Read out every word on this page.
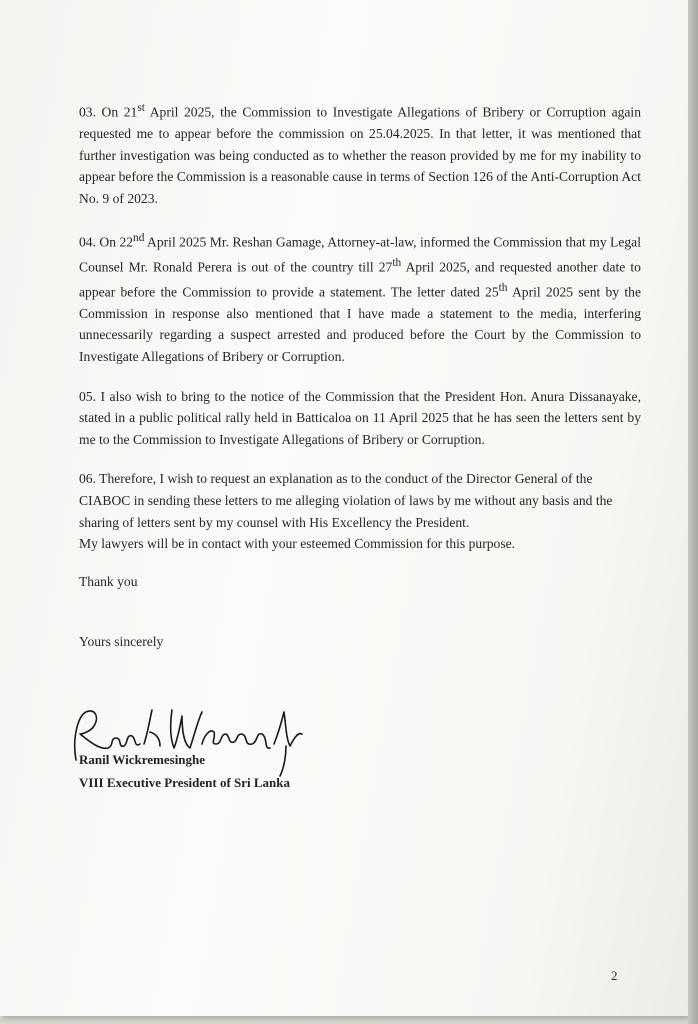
03. On 21st April 2025, the Commission to Investigate Allegations of Bribery or Corruption again requested me to appear before the commission on 25.04.2025. In that letter, it was mentioned that further investigation was being conducted as to whether the reason provided by me for my inability to appear before the Commission is a reasonable cause in terms of Section 126 of the Anti-Corruption Act No. 9 of 2023.

04. On 22nd April 2025 Mr. Reshan Gamage, Attorney-at-law, informed the Commission that my Legal Counsel Mr. Ronald Perera is out of the country till 27th April 2025, and requested another date to appear before the Commission to provide a statement. The letter dated 25th April 2025 sent by the Commission in response also mentioned that I have made a statement to the media, interfering unnecessarily regarding a suspect arrested and produced before the Court by the Commission to Investigate Allegations of Bribery or Corruption.

05. I also wish to bring to the notice of the Commission that the President Hon. Anura Dissanayake, stated in a public political rally held in Batticaloa on 11 April 2025 that he has seen the letters sent by me to the Commission to Investigate Allegations of Bribery or Corruption.

06. Therefore, I wish to request an explanation as to the conduct of the Director General of the CIABOC in sending these letters to me alleging violation of laws by me without any basis and the sharing of letters sent by my counsel with His Excellency the President.
My lawyers will be in contact with your esteemed Commission for this purpose.

Thank you
Yours sincerely
Ranil Wickremesinghe
VIII Executive President of Sri Lanka
2
